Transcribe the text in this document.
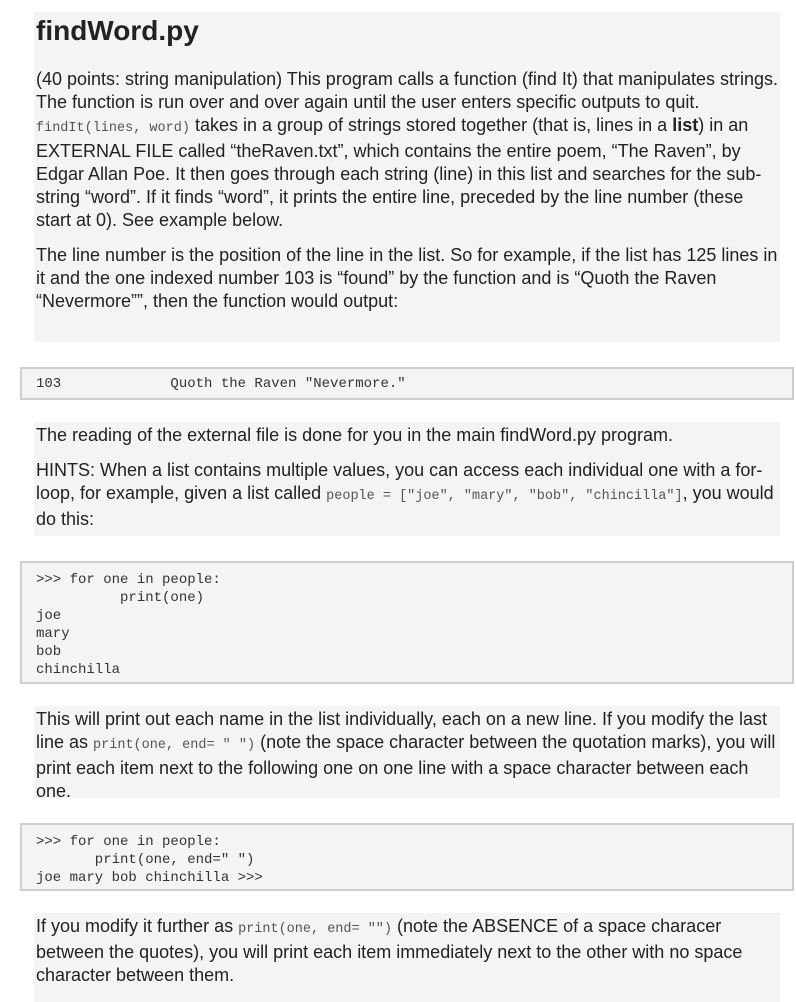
findWord.py

(40 points: string manipulation) This program calls a function (find It) that manipulates strings. The function is run over and over again until the user enters specific outputs to quit.

findIt(lines, word) takes in a group of strings stored together (that is, lines in a list) in an EXTERNAL FILE called “theRaven.txt”, which contains the entire poem, “The Raven”, by Edgar Allan Poe. It then goes through each string (line) in this list and searches for the sub-string “word”. If it finds “word”, it prints the entire line, preceded by the line number (these start at 0). See example below.

The line number is the position of the line in the list. So for example, if the list has 125 lines in it and the one indexed number 103 is “found” by the function and is “Quoth the Raven “Nevermore””, then the function would output:

103             Quoth the Raven "Nevermore."

The reading of the external file is done for you in the main findWord.py program.

HINTS: When a list contains multiple values, you can access each individual one with a for-loop, for example, given a list called people = ["joe", "mary", "bob", "chincilla"], you would do this:

>>> for one in people:
print(one)
joe
mary
bob
chinchilla

This will print out each name in the list individually, each on a new line. If you modify the last line as print(one, end= " ") (note the space character between the quotation marks), you will print each item next to the following one on one line with a space character between each one.

>>> for one in people:
print(one, end=" ")
joe mary bob chinchilla >>>

If you modify it further as print(one, end= "") (note the ABSENCE of a space characer between the quotes), you will print each item immediately next to the other with no space character between them.
